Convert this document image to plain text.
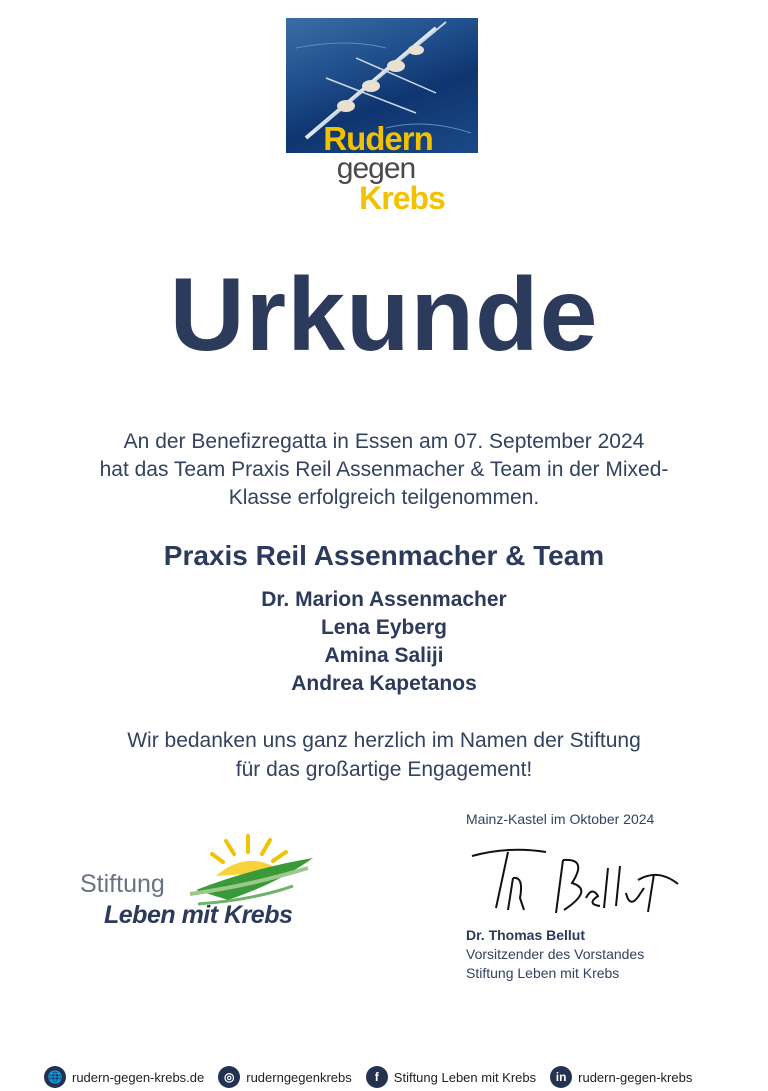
Rudern
gegen
Krebs
Urkunde
An der Benefizregatta in Essen am 07. September 2024
hat das Team Praxis Reil Assenmacher & Team in der Mixed-
Klasse erfolgreich teilgenommen.
Praxis Reil Assenmacher & Team
Dr. Marion Assenmacher
Lena Eyberg
Amina Saliji
Andrea Kapetanos
Wir bedanken uns ganz herzlich im Namen der Stiftung
für das großartige Engagement!
Stiftung
Leben mit Krebs
Mainz-Kastel im Oktober 2024
Dr. Thomas Bellut
Vorsitzender des Vorstandes
Stiftung Leben mit Krebs
🌐 rudern-gegen-krebs.de	◎ ruderngegenkrebs	f	Stiftung Leben mit Krebs	in rudern-gegen-krebs
